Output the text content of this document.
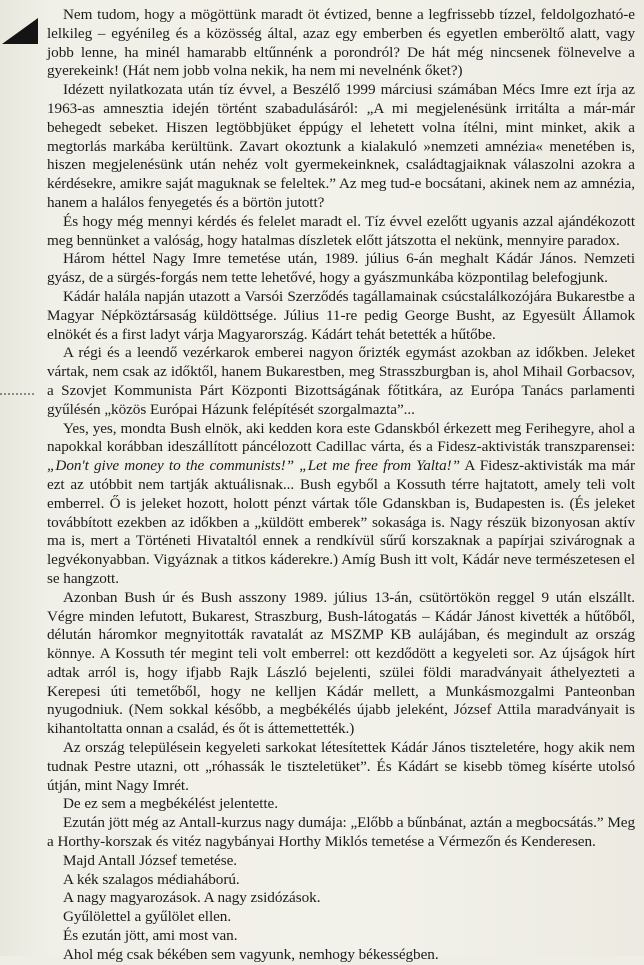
Nem tudom, hogy a mögöttünk maradt öt évtized, benne a legfrissebb tízzel, feldolgozható-e lelkileg – egyénileg és a közösség által, azaz egy emberben és egyetlen emberöltő alatt, vagy jobb lenne, ha minél hamarabb eltűnnénk a porondról? De hát még nincsenek fölnevelve a gyerekeink! (Hát nem jobb volna nekik, ha nem mi nevelnénk őket?)

Idézett nyilatkozata után tíz évvel, a Beszélő 1999 márciusi számában Mécs Imre ezt írja az 1963-as amnesztia idején történt szabadulásáról: „A mi megjelenésünk irritálta a már-már behegedt sebeket. Hiszen legtöbbjüket éppúgy el lehetett volna ítélni, mint minket, akik a megtorlás markába kerültünk. Zavart okoztunk a kialakuló »nemzeti amnézia« menetében is, hiszen megjelenésünk után nehéz volt gyermekeinknek, családtagjaiknak válaszolni azokra a kérdésekre, amikre saját maguknak se feleltek.” Az meg tud-e bocsátani, akinek nem az amnézia, hanem a halálos fenyegetés és a börtön jutott?

És hogy még mennyi kérdés és felelet maradt el. Tíz évvel ezelőtt ugyanis azzal ajándékozott meg bennünket a valóság, hogy hatalmas díszletek előtt játszotta el nekünk, mennyire paradox.

Három héttel Nagy Imre temetése után, 1989. július 6-án meghalt Kádár János. Nemzeti gyász, de a sürgés-forgás nem tette lehetővé, hogy a gyászmunkába központilag belefogjunk.

Kádár halála napján utazott a Varsói Szerződés tagállamainak csúcstalálkozójára Bukarestbe a Magyar Népköztársaság küldöttsége. Július 11-re pedig George Busht, az Egyesült Államok elnökét és a first ladyt várja Magyarország. Kádárt tehát betették a hűtőbe.

A régi és a leendő vezérkarok emberei nagyon őrizték egymást azokban az időkben. Jeleket vártak, nem csak az időktől, hanem Bukarestben, meg Strasszburgban is, ahol Mihail Gorbacsov, a Szovjet Kommunista Párt Központi Bizottságának főtitkára, az Európa Tanács parlamenti gyűlésén „közös Európai Házunk felépítését szorgalmazta”...

Yes, yes, mondta Bush elnök, aki kedden kora este Gdanskból érkezett meg Ferihegyre, ahol a napokkal korábban ideszállított páncélozott Cadillac várta, és a Fidesz-aktivisták transzparensei: „Don't give money to the communists!” „Let me free from Yalta!” A Fidesz-aktivisták ma már ezt az utóbbit nem tartják aktuálisnak... Bush egyből a Kossuth térre hajtatott, amely teli volt emberrel. Ő is jeleket hozott, holott pénzt vártak tőle Gdanskban is, Budapesten is. (És jeleket továbbított ezekben az időkben a „küldött emberek” sokasága is. Nagy részük bizonyosan aktív ma is, mert a Történeti Hivataltól ennek a rendkívül sűrű korszaknak a papírjai szivárognak a legvékonyabban. Vigyáznak a titkos káderekre.) Amíg Bush itt volt, Kádár neve természetesen el se hangzott.

Azonban Bush úr és Bush asszony 1989. július 13-án, csütörtökön reggel 9 után elszállt. Végre minden lefutott, Bukarest, Straszburg, Bush-látogatás – Kádár Jánost kivették a hűtőből, délután háromkor megnyitották ravatalát az MSZMP KB aulájában, és megindult az ország könnye. A Kossuth tér megint teli volt emberrel: ott kezdődött a kegyeleti sor. Az újságok hírt adtak arról is, hogy ifjabb Rajk László bejelenti, szülei földi maradványait áthelyezteti a Kerepesi úti temetőből, hogy ne kelljen Kádár mellett, a Munkásmozgalmi Panteonban nyugodniuk. (Nem sokkal később, a megbékélés újabb jeleként, József Attila maradványait is kihantoltatta onnan a család, és őt is áttemettették.)

Az ország településein kegyeleti sarkokat létesítettek Kádár János tiszteletére, hogy akik nem tudnak Pestre utazni, ott „róhassák le tiszteletüket”. És Kádárt se kisebb tömeg kísérte utolsó útján, mint Nagy Imrét.

De ez sem a megbékélést jelentette.

Ezután jött még az Antall-kurzus nagy dumája: „Előbb a bűnbánat, aztán a megbocsátás.” Meg a Horthy-korszak és vitéz nagybányai Horthy Miklós temetése a Vérmezőn és Kenderesen.

Majd Antall József temetése.

A kék szalagos médiaháború.

A nagy magyarozások. A nagy zsidózások.

Gyűlölettel a gyűlölet ellen.

És ezután jött, ami most van.

Ahol még csak békében sem vagyunk, nemhogy békességben.
